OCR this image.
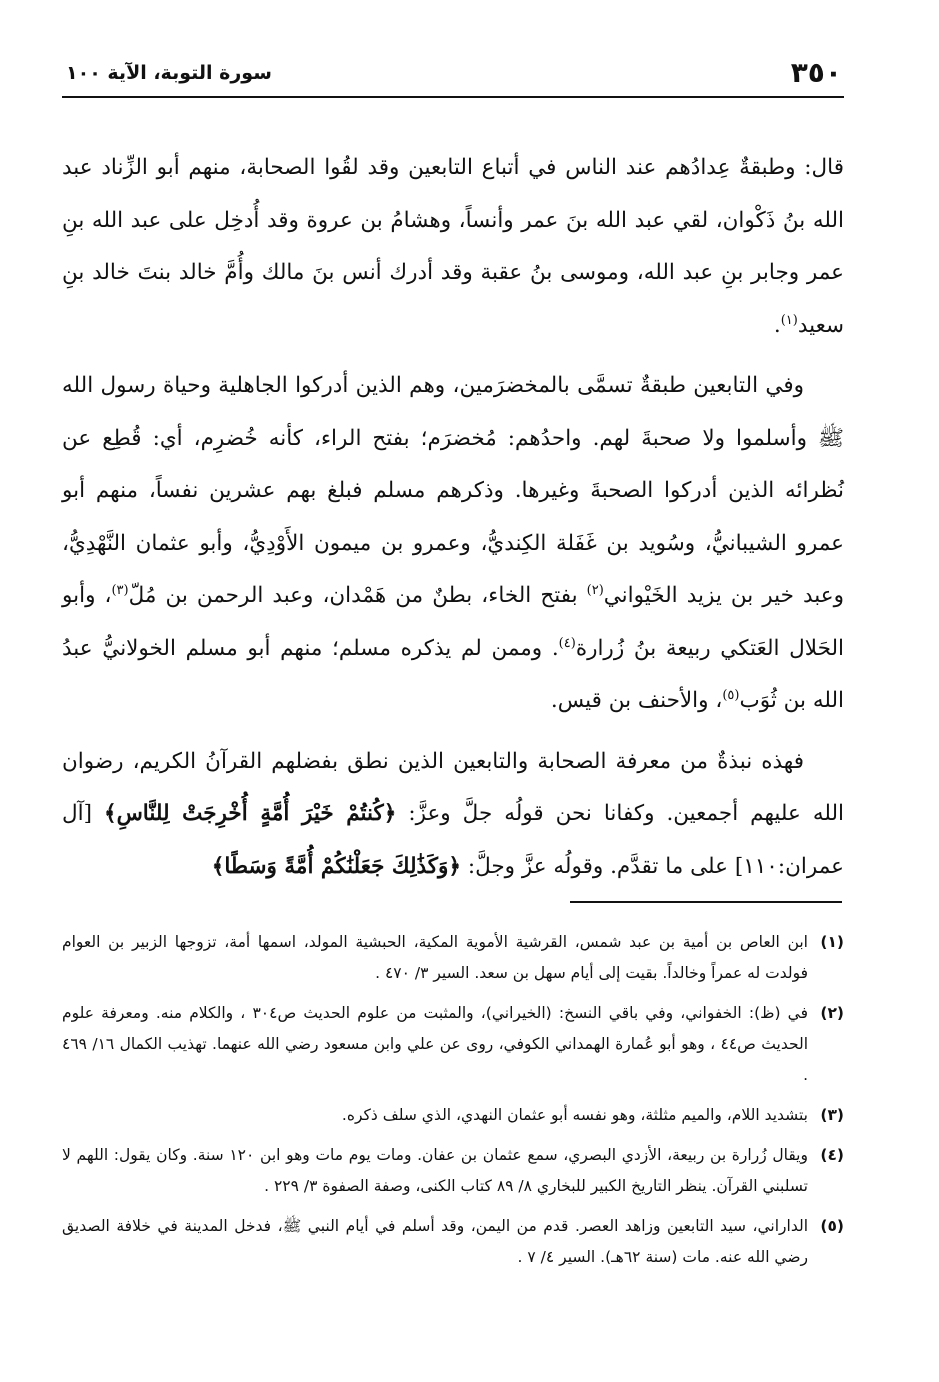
٣٥٠
سورة التوبة، الآية ١٠٠

قال: وطبقةٌ عِدادُهم عند الناس في أتباع التابعين وقد لقُوا الصحابة، منهم أبو الزِّناد عبد الله بنُ ذَكْوان، لقي عبد الله بنَ عمر وأنساً، وهشامُ بن عروة وقد أُدخِل على عبد الله بنِ عمر وجابر بنِ عبد الله، وموسى بنُ عقبة وقد أدرك أنس بنَ مالك وأُمَّ خالد بنتَ خالد بنِ سعيد$^{(١)}$.

وفي التابعين طبقةٌ تسمَّى بالمخضرَمين، وهم الذين أدركوا الجاهلية وحياة رسول الله ﷺ وأسلموا ولا صحبةَ لهم. واحدُهم: مُخضرَم؛ بفتح الراء، كأنه خُضرِم، أي: قُطِع عن نُظرائه الذين أدركوا الصحبةَ وغيرها. وذكرهم مسلم فبلغ بهم عشرين نفساً، منهم أبو عمرو الشيبانيُّ، وسُويد بن غَفَلة الكِنديُّ، وعمرو بن ميمون الأَوْدِيُّ، وأبو عثمان النَّهْدِيُّ، وعبد خير بن يزيد الخَيْواني$^{(٢)}$ بفتح الخاء، بطنٌ من هَمْدان، وعبد الرحمن بن مُلّ$^{(٣)}$، وأبو الحَلال العَتكي ربيعة بنُ زُرارة$^{(٤)}$. وممن لم يذكره مسلم؛ منهم أبو مسلم الخولانيُّ عبدُ الله بن ثُوَب$^{(٥)}$، والأحنف بن قيس.

فهذه نبذةٌ من معرفة الصحابة والتابعين الذين نطق بفضلهم القرآنُ الكريم، رضوان الله عليهم أجمعين. وكفانا نحن قولُه جلَّ وعزَّ: ﴿كُنتُمْ خَيْرَ أُمَّةٍ أُخْرِجَتْ لِلنَّاسِ﴾ [آل عمران:١١٠] على ما تقدَّم. وقولُه عزَّ وجلَّ: ﴿وَكَذَٰلِكَ جَعَلْنَٰكُمْ أُمَّةً وَسَطًا﴾

(١)
ابن العاص بن أمية بن عبد شمس، القرشية الأموية المكية، الحبشية المولد، اسمها أمة، تزوجها الزبير بن العوام فولدت له عمراً وخالداً. بقيت إلى أيام سهل بن سعد. السير ٣/ ٤٧٠ .
(٢)
في (ظ): الخفواني، وفي باقي النسخ: (الخيراني)، والمثبت من علوم الحديث ص٣٠٤ ، والكلام منه. ومعرفة علوم الحديث ص٤٤ ، وهو أبو عُمارة الهمداني الكوفي، روى عن علي وابن مسعود رضي الله عنهما. تهذيب الكمال ١٦/ ٤٦٩ .
(٣)
بتشديد اللام، والميم مثلثة، وهو نفسه أبو عثمان النهدي، الذي سلف ذكره.
(٤)
ويقال زُرارة بن ربيعة، الأزدي البصري، سمع عثمان بن عفان. ومات يوم مات وهو ابن ١٢٠ سنة. وكان يقول: اللهم لا تسلبني القرآن. ينظر التاريخ الكبير للبخاري ٨/ ٨٩ كتاب الكنى، وصفة الصفوة ٣/ ٢٢٩ .
(٥)
الداراني، سيد التابعين وزاهد العصر. قدم من اليمن، وقد أسلم في أيام النبي ﷺ، فدخل المدينة في خلافة الصديق رضي الله عنه. مات (سنة ٦٢هـ). السير ٤/ ٧ .
